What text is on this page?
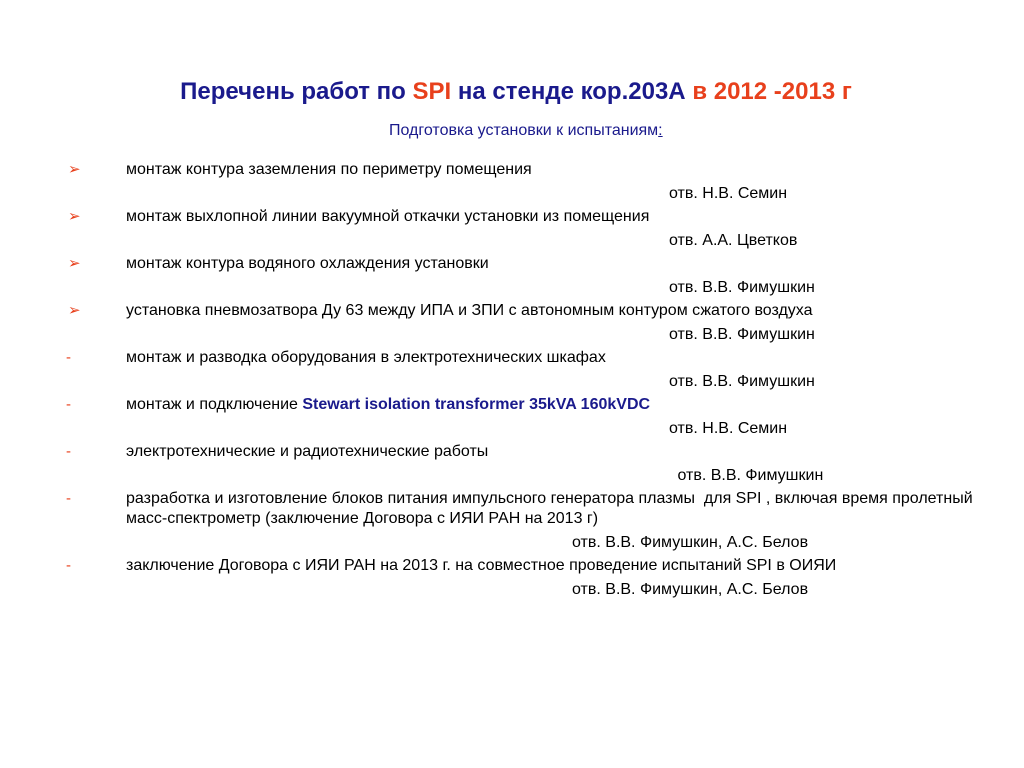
Перечень работ по SPI на стенде кор.203А в 2012 -2013 г
Подготовка установки к испытаниям:
➢	монтаж контура заземления по периметру помещения
отв. Н.В. Семин
➢	монтаж выхлопной линии вакуумной откачки установки из помещения
отв. А.А. Цветков
➢	монтаж контура водяного охлаждения установки
отв. В.В. Фимушкин
➢	установка пневмозатвора Ду 63 между ИПА и ЗПИ с автономным контуром сжатого воздуха
отв. В.В. Фимушкин
-	монтаж и разводка оборудования в электротехнических шкафах
отв. В.В. Фимушкин
-	монтаж и подключение Stewart isolation transformer 35kVA 160kVDC
отв. Н.В. Семин
-	электротехнические и радиотехнические работы
отв. В.В. Фимушкин
-	разработка и изготовление блоков питания импульсного генератора плазмы  для SPI , включая время пролетный масс-спектрометр (заключение Договора с ИЯИ РАН на 2013 г)
отв. В.В. Фимушкин, А.С. Белов
-	заключение Договора с ИЯИ РАН на 2013 г. на совместное проведение испытаний SPI в ОИЯИ
отв. В.В. Фимушкин, А.С. Белов
